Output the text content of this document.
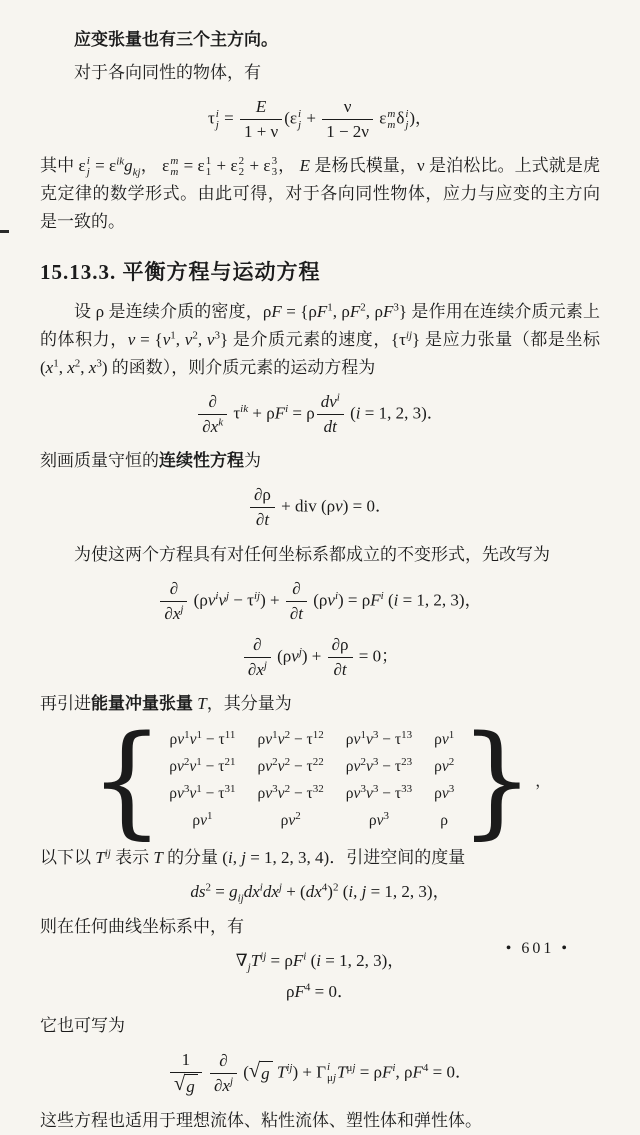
应变张量也有三个主方向。

对于各向同性的物体，有

τ i
$j = \frac{E}{1 + \nu} (\varepsilon$ i
$j + \frac{\nu}{1 - 2\nu}$ ε m
m δ i
j )，

其中 ε i
$j = \varepsilon^{ik}g_{kj}$， ε m
m = ε 1
1 + ε 2
2 + ε 3
3 ， E 是杨氏模量，ν 是泊松比。上式就是虎克定律的数学形式。由此可得，对于各向同性物体，应力与应变的主方向是一致的。

15.13.3. 平衡方程与运动方程

设 ρ 是连续介质的密度，$\rho F = \{\rho F^1$, $\rho F^2$, $\rho F^3$} 是作用在连续介质元素上的体积力，$v = \{v^1$, $v^2$, $v^3$} 是介质元素的速度，$\{\tau^{ij}\}$ 是应力张量（都是坐标 ($x^1$, $x^2$, $x^3$) 的函数），则介质元素的运动方程为

$\frac{\partial}{\partial x^k} \tau^{ik} + \rho F^i = \rho \frac{dv^i}{dt} (i = 1$, 2, 3)．

刻画质量守恒的连续性方程为

$\frac{\partial\rho}{\partial t}$ + div (ρv) = 0．

为使这两个方程具有对任何坐标系都成立的不变形式，先改写为

$\frac{\partial}{\partial x^j} (\rho v^iv^j - \tau^{ij}) + \frac{\partial}{\partial t} (\rho v^i) = \rho F^i$ (i = 1, 2, 3)，
$\frac{\partial}{\partial x^j} (\rho v^j) + \frac{\partial\rho}{\partial t} = 0$；

再引进能量冲量张量 T，其分量为

{ $\rho v^1v^1 - \tau^{11}$ $\rho v^1v^2 - \tau^{12}$ $\rho v^1v^3 - \tau^{13}$ $\rho v^1$
$\rho v^2v^1 - \tau^{21}$ $\rho v^2v^2 - \tau^{22}$ $\rho v^2v^3 - \tau^{23}$ $\rho v^2$
$\rho v^3v^1 - \tau^{31}$ $\rho v^3v^2 - \tau^{32}$ $\rho v^3v^3 - \tau^{33}$ $\rho v^3$
$\rho v^1$	$\rho v^2$	$\rho v^3$	ρ } ，

以下以 $T^{ij}$ 表示 T 的分量 (i, j = 1, 2, 3, 4)．引进空间的度量

$ds^2 = g_{ij}dx^idx^j + (dx^4)^2$ (i, j = 1, 2, 3)，

则在任何曲线坐标系中，有

$\nabla_jT^{ij} = \rho F^i$ (i = 1, 2, 3)，
$\rho F^4 = 0$．

它也可写为

$\frac{1}{√ g}$
$\frac{\partial}{\partial x^j}$ ( √ g $T^{ij}) + \Gamma$ i
μj $T^{\mu j} = \rho F^i$, $\rho F^4 = 0$．

这些方程也适用于理想流体、粘性流体、塑性体和弹性体。

• 601 •
